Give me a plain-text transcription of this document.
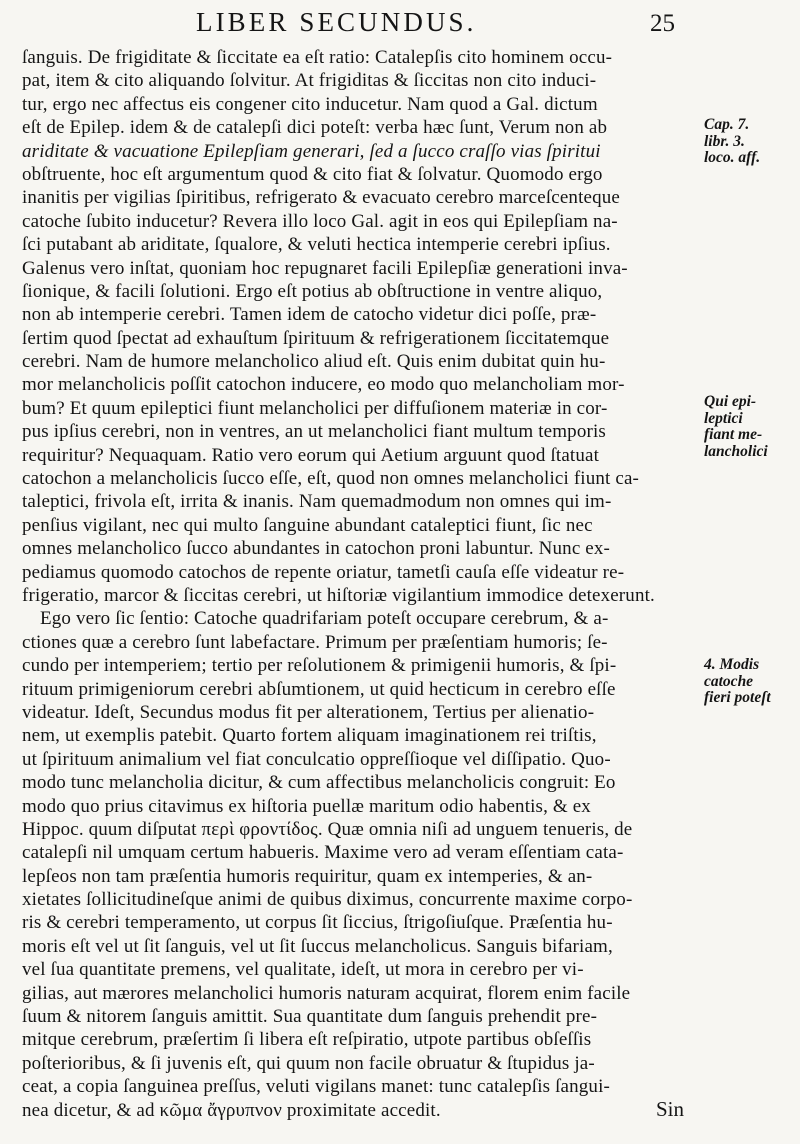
LIBER SECUNDUS.	25
ſanguis. De frigiditate & ſiccitate ea eſt ratio: Catalepſis cito hominem occu-
pat, item & cito aliquando ſolvitur. At frigiditas & ſiccitas non cito induci-
tur, ergo nec affectus eis congener cito inducetur. Nam quod a Gal. dictum
eſt de Epilep. idem & de catalepſi dici poteſt: verba hæc ſunt, Verum non ab
ariditate & vacuatione Epilepſiam generari, ſed a ſucco craſſo vias ſpiritui
obſtruente, hoc eſt argumentum quod & cito fiat & ſolvatur. Quomodo ergo
inanitis per vigilias ſpiritibus, refrigerato & evacuato cerebro marceſcenteque
catoche ſubito inducetur? Revera illo loco Gal. agit in eos qui Epilepſiam na-
ſci putabant ab ariditate, ſqualore, & veluti hectica intemperie cerebri ipſius.
Galenus vero inſtat, quoniam hoc repugnaret facili Epilepſiæ generationi inva-
ſionique, & facili ſolutioni. Ergo eſt potius ab obſtructione in ventre aliquo,
non ab intemperie cerebri. Tamen idem de catocho videtur dici poſſe, præ-
ſertim quod ſpectat ad exhauſtum ſpirituum & refrigerationem ſiccitatemque
cerebri. Nam de humore melancholico aliud eſt. Quis enim dubitat quin hu-
mor melancholicis poſſit catochon inducere, eo modo quo melancholiam mor-
bum? Et quum epileptici fiunt melancholici per diffuſionem materiæ in cor-
pus ipſius cerebri, non in ventres, an ut melancholici fiant multum temporis
requiritur? Nequaquam. Ratio vero eorum qui Aetium arguunt quod ſtatuat
catochon a melancholicis ſucco eſſe, eſt, quod non omnes melancholici fiunt ca-
taleptici, frivola eſt, irrita & inanis. Nam quemadmodum non omnes qui im-
penſius vigilant, nec qui multo ſanguine abundant cataleptici fiunt, ſic nec
omnes melancholico ſucco abundantes in catochon proni labuntur. Nunc ex-
pediamus quomodo catochos de repente oriatur, tametſi cauſa eſſe videatur re-
frigeratio, marcor & ſiccitas cerebri, ut hiſtoriæ vigilantium immodice detexerunt.
Ego vero ſic ſentio: Catoche quadrifariam poteſt occupare cerebrum, & a-
ctiones quæ a cerebro ſunt labefactare. Primum per præſentiam humoris; ſe-
cundo per intemperiem; tertio per reſolutionem & primigenii humoris, & ſpi-
rituum primigeniorum cerebri abſumtionem, ut quid hecticum in cerebro eſſe
videatur. Ideſt, Secundus modus fit per alterationem, Tertius per alienatio-
nem, ut exemplis patebit. Quarto fortem aliquam imaginationem rei triſtis,
ut ſpirituum animalium vel fiat conculcatio oppreſſioque vel diſſipatio. Quo-
modo tunc melancholia dicitur, & cum affectibus melancholicis congruit: Eo
modo quo prius citavimus ex hiſtoria puellæ maritum odio habentis, & ex
Hippoc. quum diſputat περὶ φροντίδος. Quæ omnia niſi ad unguem tenueris, de
catalepſi nil umquam certum habueris. Maxime vero ad veram eſſentiam cata-
lepſeos non tam præſentia humoris requiritur, quam ex intemperies, & an-
xietates ſollicitudineſque animi de quibus diximus, concurrente maxime corpo-
ris & cerebri temperamento, ut corpus ſit ſiccius, ſtrigoſiuſque. Præſentia hu-
moris eſt vel ut ſit ſanguis, vel ut ſit ſuccus melancholicus. Sanguis bifariam,
vel ſua quantitate premens, vel qualitate, ideſt, ut mora in cerebro per vi-
gilias, aut mærores melancholici humoris naturam acquirat, florem enim facile
ſuum & nitorem ſanguis amittit. Sua quantitate dum ſanguis prehendit pre-
mitque cerebrum, præſertim ſi libera eſt reſpiratio, utpote partibus obſeſſis
poſterioribus, & ſi juvenis eſt, qui quum non facile obruatur & ſtupidus ja-
ceat, a copia ſanguinea preſſus, veluti vigilans manet: tunc catalepſis ſangui-
nea dicetur, & ad κῶμα ἄγρυπνον proximitate accedit.
Cap. 7.
libr. 3.
loco. aff.
Qui epi-
leptici
fiant me-
lancholici
4. Modis
catoche
fieri poteſt
Sin
